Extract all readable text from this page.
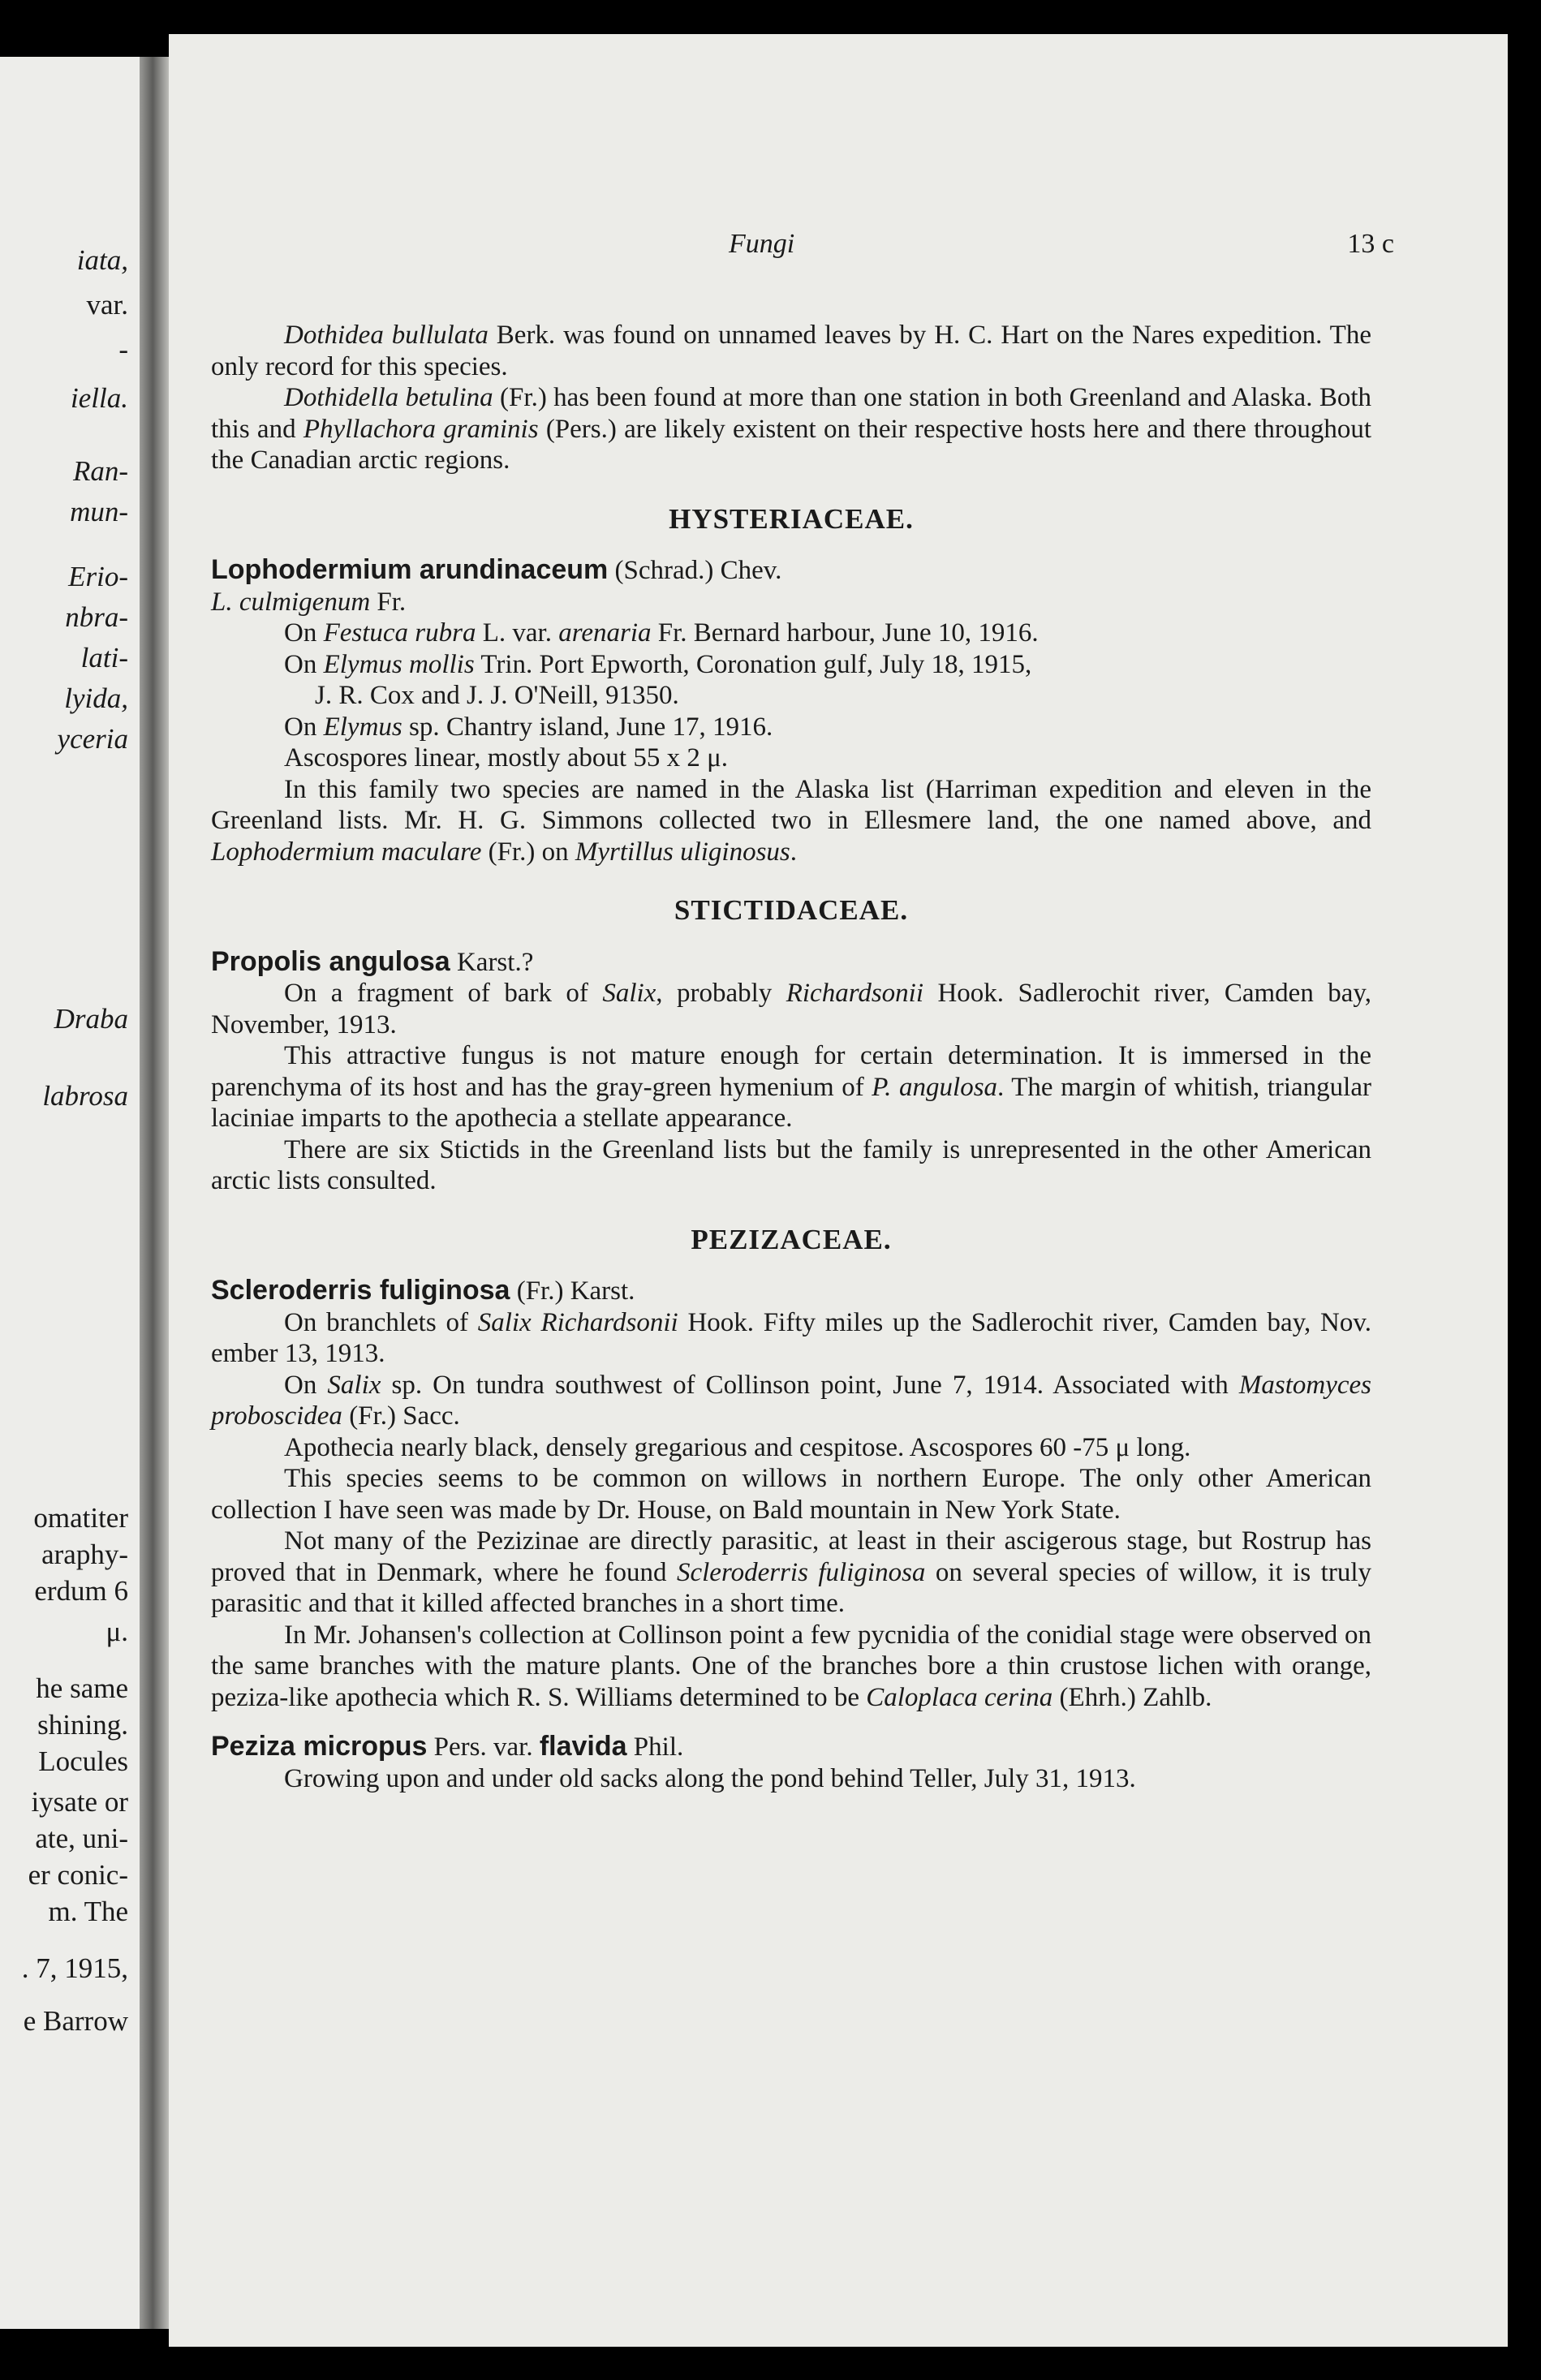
iata,
var.
-
iella.
Ran-
mun-
Erio-
nbra-
lati-
lyida,
yceria
Draba
labrosa
omatiter
araphy-
erdum 6
μ.
he same
shining.
Locules
iysate or
ate, uni-
er conic-
m. The
. 7, 1915,
e Barrow
Fungi	13 c

Dothidea bullulata Berk. was found on unnamed leaves by H. C. Hart on the Nares expedition. The only record for this species.

Dothidella betulina (Fr.) has been found at more than one station in both Greenland and Alaska. Both this and Phyllachora graminis (Pers.) are likely existent on their respective hosts here and there throughout the Canadian arctic regions.

HYSTERIACEAE.

Lophodermium arundinaceum (Schrad.) Chev.

L. culmigenum Fr.

On Festuca rubra L. var. arenaria Fr. Bernard harbour, June 10, 1916.

On Elymus mollis Trin. Port Epworth, Coronation gulf, July 18, 1915,

J. R. Cox and J. J. O'Neill, 91350.

On Elymus sp. Chantry island, June 17, 1916.

Ascospores linear, mostly about 55 x 2 μ.

In this family two species are named in the Alaska list (Harriman expedition and eleven in the Greenland lists. Mr. H. G. Simmons collected two in Ellesmere land, the one named above, and Lophodermium maculare (Fr.) on Myrtillus uliginosus.

STICTIDACEAE.

Propolis angulosa Karst.?

On a fragment of bark of Salix, probably Richardsonii Hook. Sadlerochit river, Camden bay, November, 1913.

This attractive fungus is not mature enough for certain determination. It is immersed in the parenchyma of its host and has the gray-green hymenium of P. angulosa. The margin of whitish, triangular laciniae imparts to the apothecia a stellate appearance.

There are six Stictids in the Greenland lists but the family is unrepresented in the other American arctic lists consulted.

PEZIZACEAE.

Scleroderris fuliginosa (Fr.) Karst.

On branchlets of Salix Richardsonii Hook. Fifty miles up the Sadlerochit river, Camden bay, Nov. ember 13, 1913.

On Salix sp. On tundra southwest of Collinson point, June 7, 1914. Associated with Mastomyces proboscidea (Fr.) Sacc.

Apothecia nearly black, densely gregarious and cespitose. Ascospores 60 -75 μ long.

This species seems to be common on willows in northern Europe. The only other American collection I have seen was made by Dr. House, on Bald mountain in New York State.

Not many of the Pezizinae are directly parasitic, at least in their ascigerous stage, but Rostrup has proved that in Denmark, where he found Scleroderris fuliginosa on several species of willow, it is truly parasitic and that it killed affected branches in a short time.

In Mr. Johansen's collection at Collinson point a few pycnidia of the conidial stage were observed on the same branches with the mature plants. One of the branches bore a thin crustose lichen with orange, peziza-like apothecia which R. S. Williams determined to be Caloplaca cerina (Ehrh.) Zahlb.

Peziza micropus Pers. var. flavida Phil.

Growing upon and under old sacks along the pond behind Teller, July 31, 1913.
